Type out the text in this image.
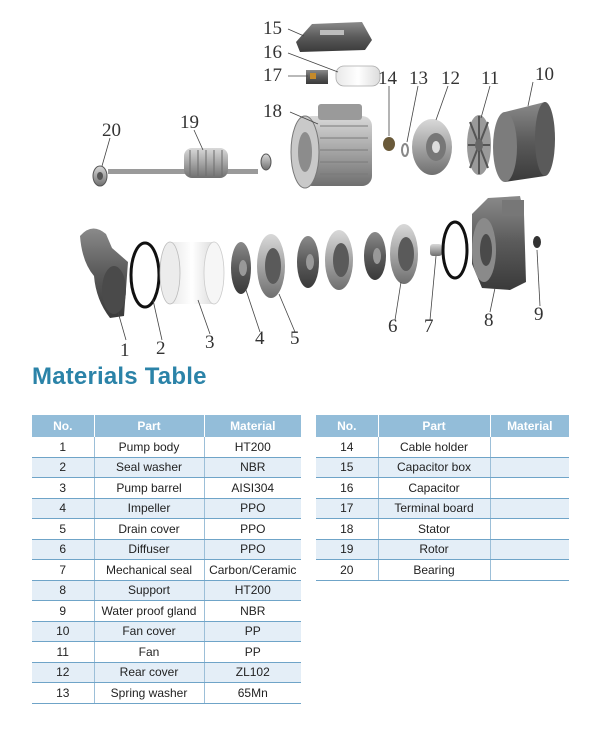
1 2 3 4 5
6 7	8 9
10
11
12
13
14
15
16
17
18
19
20
Materials Table
No.	Part	Material
1	Pump body	HT200
2	Seal washer	NBR
3	Pump barrel	AISI304
4	Impeller	PPO
5	Drain cover	PPO
6	Diffuser	PPO
7	Mechanical seal	Carbon/Ceramic
8	Support	HT200
9	Water proof gland	NBR
10	Fan cover	PP
11	Fan	PP
12	Rear cover	ZL102
13	Spring washer	65Mn
No.	Part	Material
14	Cable holder	
15	Capacitor box	
16	Capacitor	
17	Terminal board	
18	Stator	
19	Rotor	
20	Bearing	
